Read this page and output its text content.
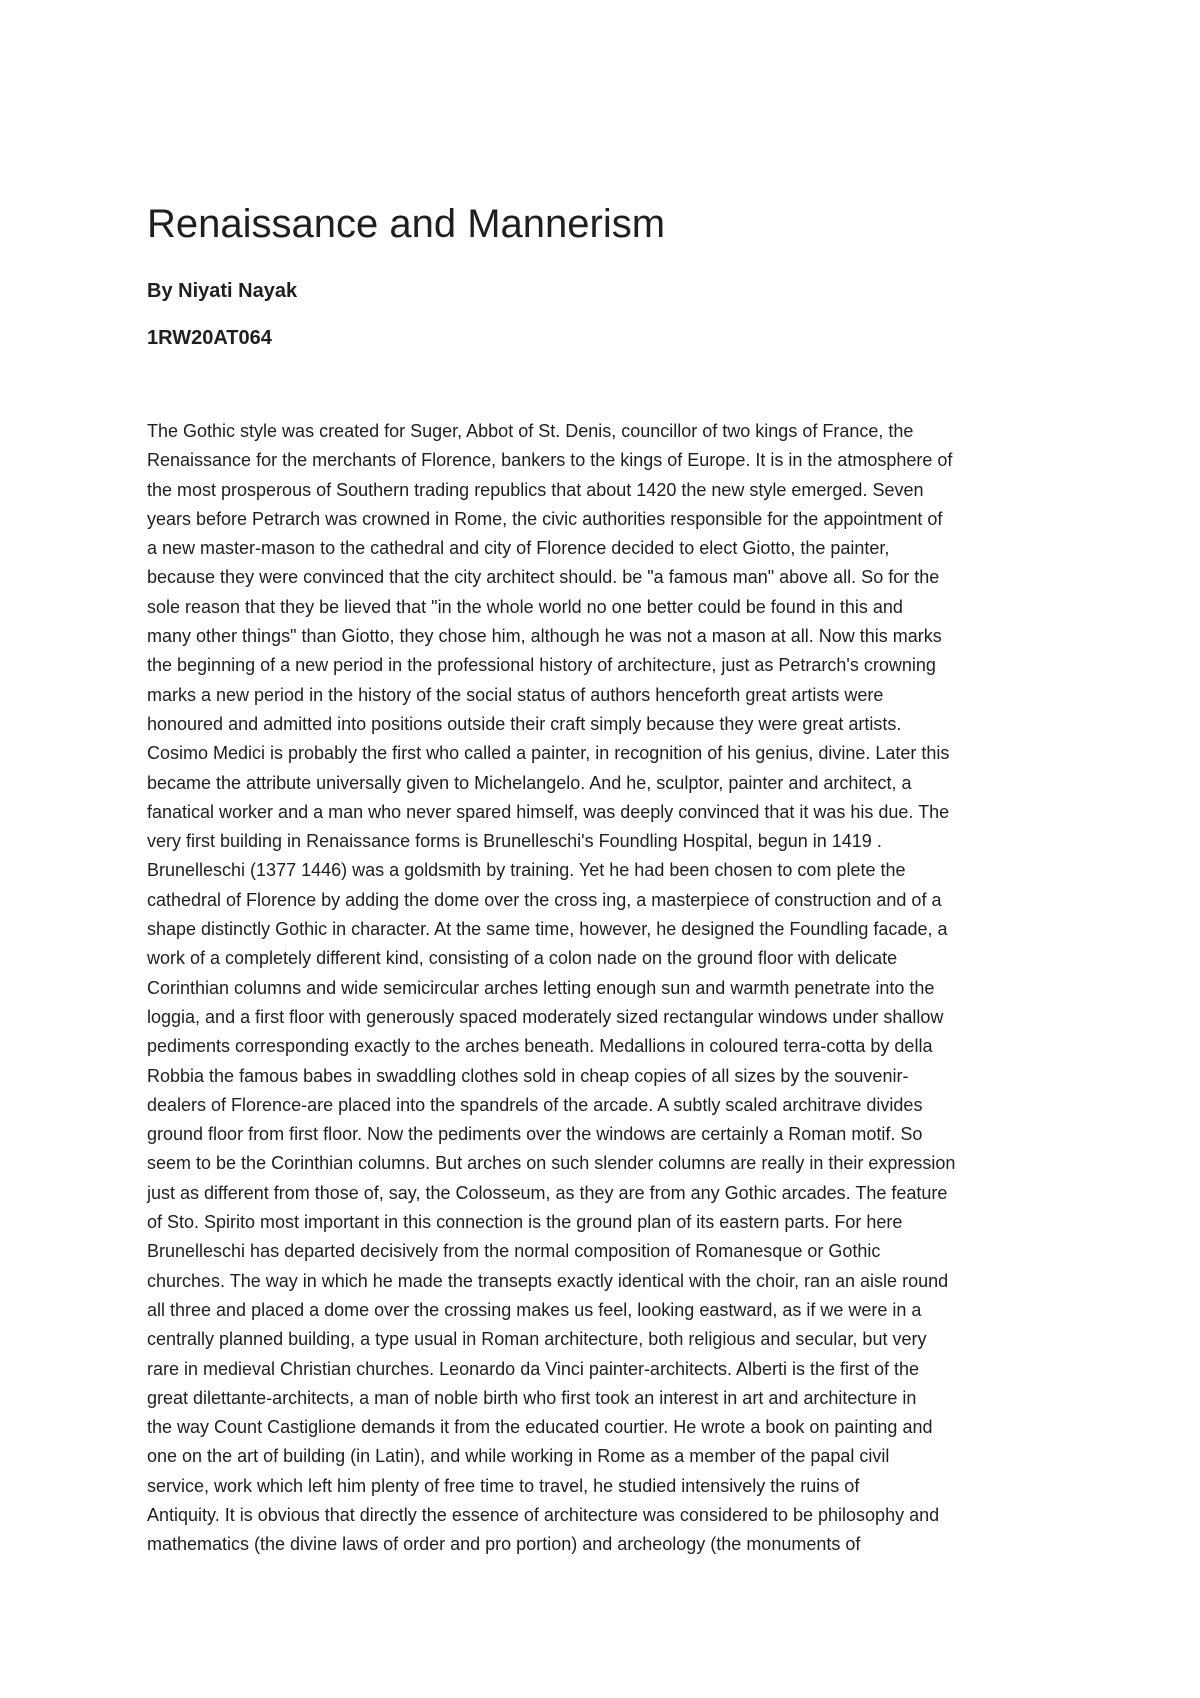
Renaissance and Mannerism

By Niyati Nayak

1RW20AT064

The Gothic style was created for Suger, Abbot of St. Denis, councillor of two kings of France, the
Renaissance for the merchants of Florence, bankers to the kings of Europe. It is in the atmosphere of
the most prosperous of Southern trading republics that about 1420 the new style emerged. Seven
years before Petrarch was crowned in Rome, the civic authorities responsible for the appointment of
a new master-mason to the cathedral and city of Florence decided to elect Giotto, the painter,
because they were convinced that the city architect should. be "a famous man" above all. So for the
sole reason that they be lieved that "in the whole world no one better could be found in this and
many other things" than Giotto, they chose him, although he was not a mason at all. Now this marks
the beginning of a new period in the professional history of architecture, just as Petrarch's crowning
marks a new period in the history of the social status of authors henceforth great artists were
honoured and admitted into positions outside their craft simply because they were great artists.
Cosimo Medici is probably the first who called a painter, in recognition of his genius, divine. Later this
became the attribute universally given to Michelangelo. And he, sculptor, painter and architect, a
fanatical worker and a man who never spared himself, was deeply convinced that it was his due. The
very first building in Renaissance forms is Brunelleschi's Foundling Hospital, begun in 1419 .
Brunelleschi (1377 1446) was a goldsmith by training. Yet he had been chosen to com plete the
cathedral of Florence by adding the dome over the cross ing, a masterpiece of construction and of a
shape distinctly Gothic in character. At the same time, however, he designed the Foundling facade, a
work of a completely different kind, consisting of a colon nade on the ground floor with delicate
Corinthian columns and wide semicircular arches letting enough sun and warmth penetrate into the
loggia, and a first floor with generously spaced moderately sized rectangular windows under shallow
pediments corresponding exactly to the arches beneath. Medallions in coloured terra-cotta by della
Robbia the famous babes in swaddling clothes sold in cheap copies of all sizes by the souvenir-
dealers of Florence-are placed into the spandrels of the arcade. A subtly scaled architrave divides
ground floor from first floor. Now the pediments over the windows are certainly a Roman motif. So
seem to be the Corinthian columns. But arches on such slender columns are really in their expression
just as different from those of, say, the Colosseum, as they are from any Gothic arcades. The feature
of Sto. Spirito most important in this connection is the ground plan of its eastern parts. For here
Brunelleschi has departed decisively from the normal composition of Romanesque or Gothic
churches. The way in which he made the transepts exactly identical with the choir, ran an aisle round
all three and placed a dome over the crossing makes us feel, looking eastward, as if we were in a
centrally planned building, a type usual in Roman architecture, both religious and secular, but very
rare in medieval Christian churches. Leonardo da Vinci painter-architects. Alberti is the first of the
great dilettante-architects, a man of noble birth who first took an interest in art and architecture in
the way Count Castiglione demands it from the educated courtier. He wrote a book on painting and
one on the art of building (in Latin), and while working in Rome as a member of the papal civil
service, work which left him plenty of free time to travel, he studied intensively the ruins of
Antiquity. It is obvious that directly the essence of architecture was considered to be philosophy and
mathematics (the divine laws of order and pro portion) and archeology (the monuments of
